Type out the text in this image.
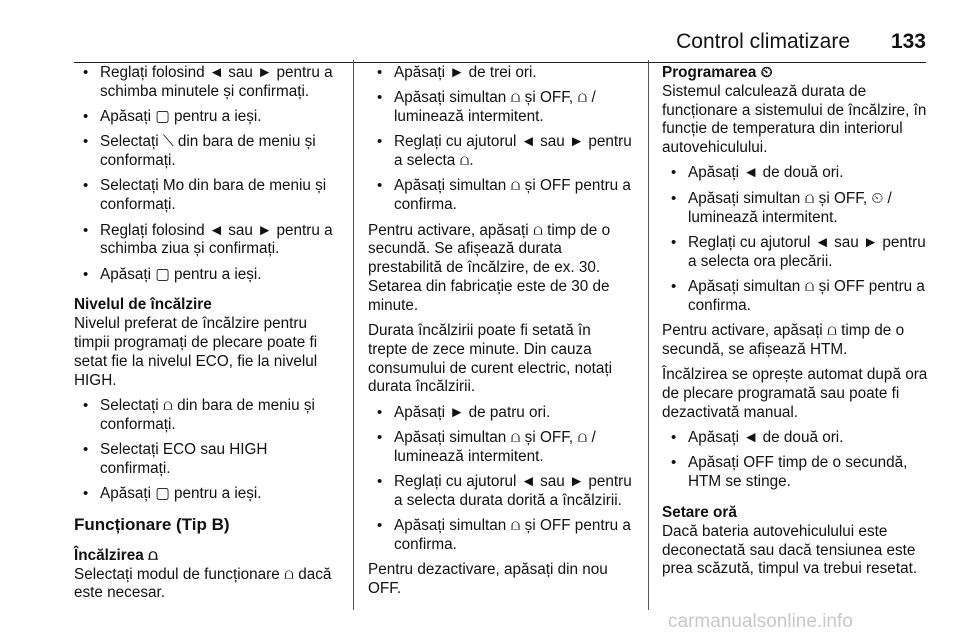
Control climatizare 133
• Reglați folosind ◄ sau ► pentru a schimba minutele și confirmați.
• Apăsați ▢ pentru a ieși.
• Selectați ⟍ din bara de meniu și conformați.
• Selectați Mo din bara de meniu și conformați.
• Reglați folosind ◄ sau ► pentru a schimba ziua și confirmați.
• Apăsați ▢ pentru a ieși.

Nivelul de încălzire

Nivelul preferat de încălzire pentru timpii programați de plecare poate fi setat fie la nivelul ECO, fie la nivelul HIGH.

• Selectați ⩍ din bara de meniu și conformați.
• Selectați ECO sau HIGH confirmați.
• Apăsați ▢ pentru a ieși.

Funcționare (Tip B)

Încălzirea ⩍

Selectați modul de funcționare ⩍ dacă este necesar.

• Apăsați ► de trei ori.
• Apăsați simultan ⩍ și OFF, ⩍ / luminează intermitent.
• Reglați cu ajutorul ◄ sau ► pentru a selecta ⩍.
• Apăsați simultan ⩍ și OFF pentru a confirma.

Pentru activare, apăsați ⩍ timp de o secundă. Se afișează durata prestabilită de încălzire, de ex. 30. Setarea din fabricație este de 30 de minute.

Durata încălzirii poate fi setată în trepte de zece minute. Din cauza consumului de curent electric, notați durata încălzirii.

• Apăsați ► de patru ori.
• Apăsați simultan ⩍ și OFF, ⩍ / luminează intermitent.
• Reglați cu ajutorul ◄ sau ► pentru a selecta durata dorită a încălzirii.
• Apăsați simultan ⩍ și OFF pentru a confirma.

Pentru dezactivare, apăsați din nou OFF.

Programarea ⏲

Sistemul calculează durata de funcționare a sistemului de încălzire, în funcție de temperatura din interiorul autovehiculului.

• Apăsați ◄ de două ori.
• Apăsați simultan ⩍ și OFF, ⏲ / luminează intermitent.
• Reglați cu ajutorul ◄ sau ► pentru a selecta ora plecării.
• Apăsați simultan ⩍ și OFF pentru a confirma.

Pentru activare, apăsați ⩍ timp de o secundă, se afișează HTM.

Încălzirea se oprește automat după ora de plecare programată sau poate fi dezactivată manual.

• Apăsați ◄ de două ori.
• Apăsați OFF timp de o secundă, HTM se stinge.

Setare oră

Dacă bateria autovehiculului este deconectată sau dacă tensiunea este prea scăzută, timpul va trebui resetat.

carmanualsonline.info
